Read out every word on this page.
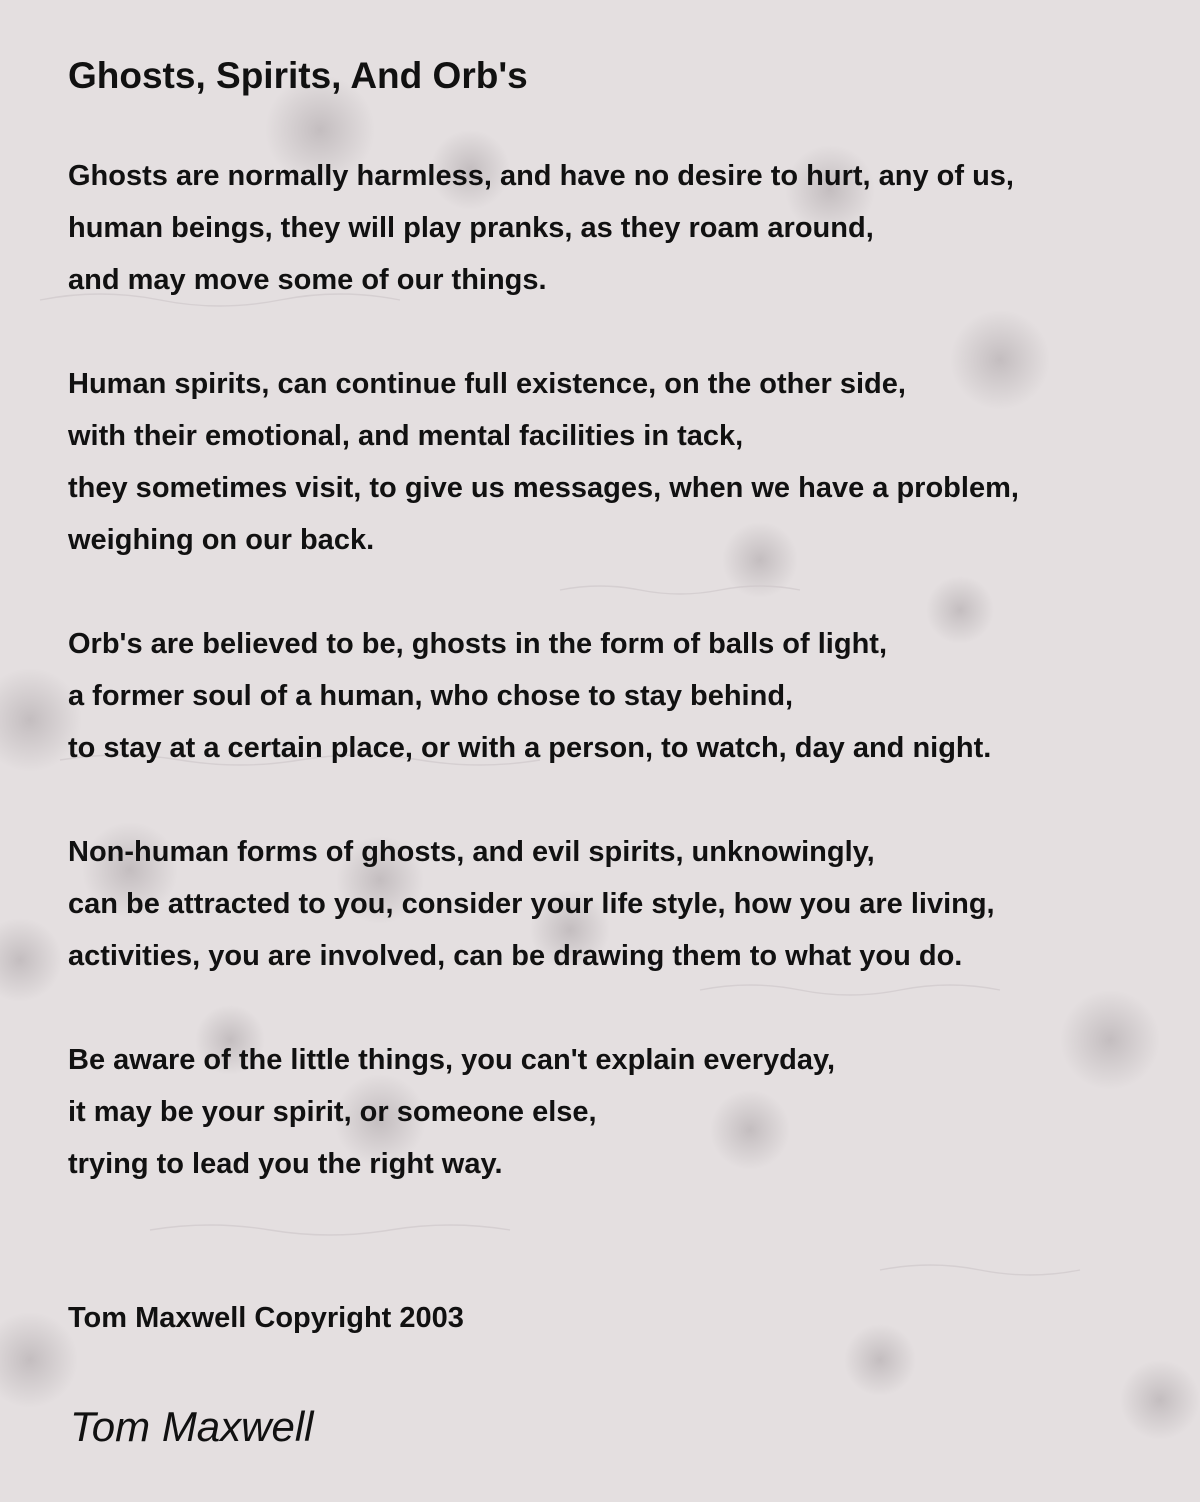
Ghosts, Spirits, And Orb's
Ghosts are normally harmless, and have no desire to hurt, any of us,
human beings, they will play pranks, as they roam around,
and may move some of our things.
Human spirits, can continue full existence, on the other side,
with their emotional, and mental facilities in tack,
they sometimes visit, to give us messages, when we have a problem,
weighing on our back.
Orb's are believed to be, ghosts in the form of balls of light,
a former soul of a human, who chose to stay behind,
to stay at a certain place, or with a person, to watch, day and night.
Non-human forms of ghosts, and evil spirits, unknowingly,
can be attracted to you, consider your life style, how you are living,
activities, you are involved, can be drawing them to what you do.
Be aware of the little things, you can't explain everyday,
it may be your spirit, or someone else,
trying to lead you the right way.
Tom Maxwell Copyright 2003
Tom Maxwell
